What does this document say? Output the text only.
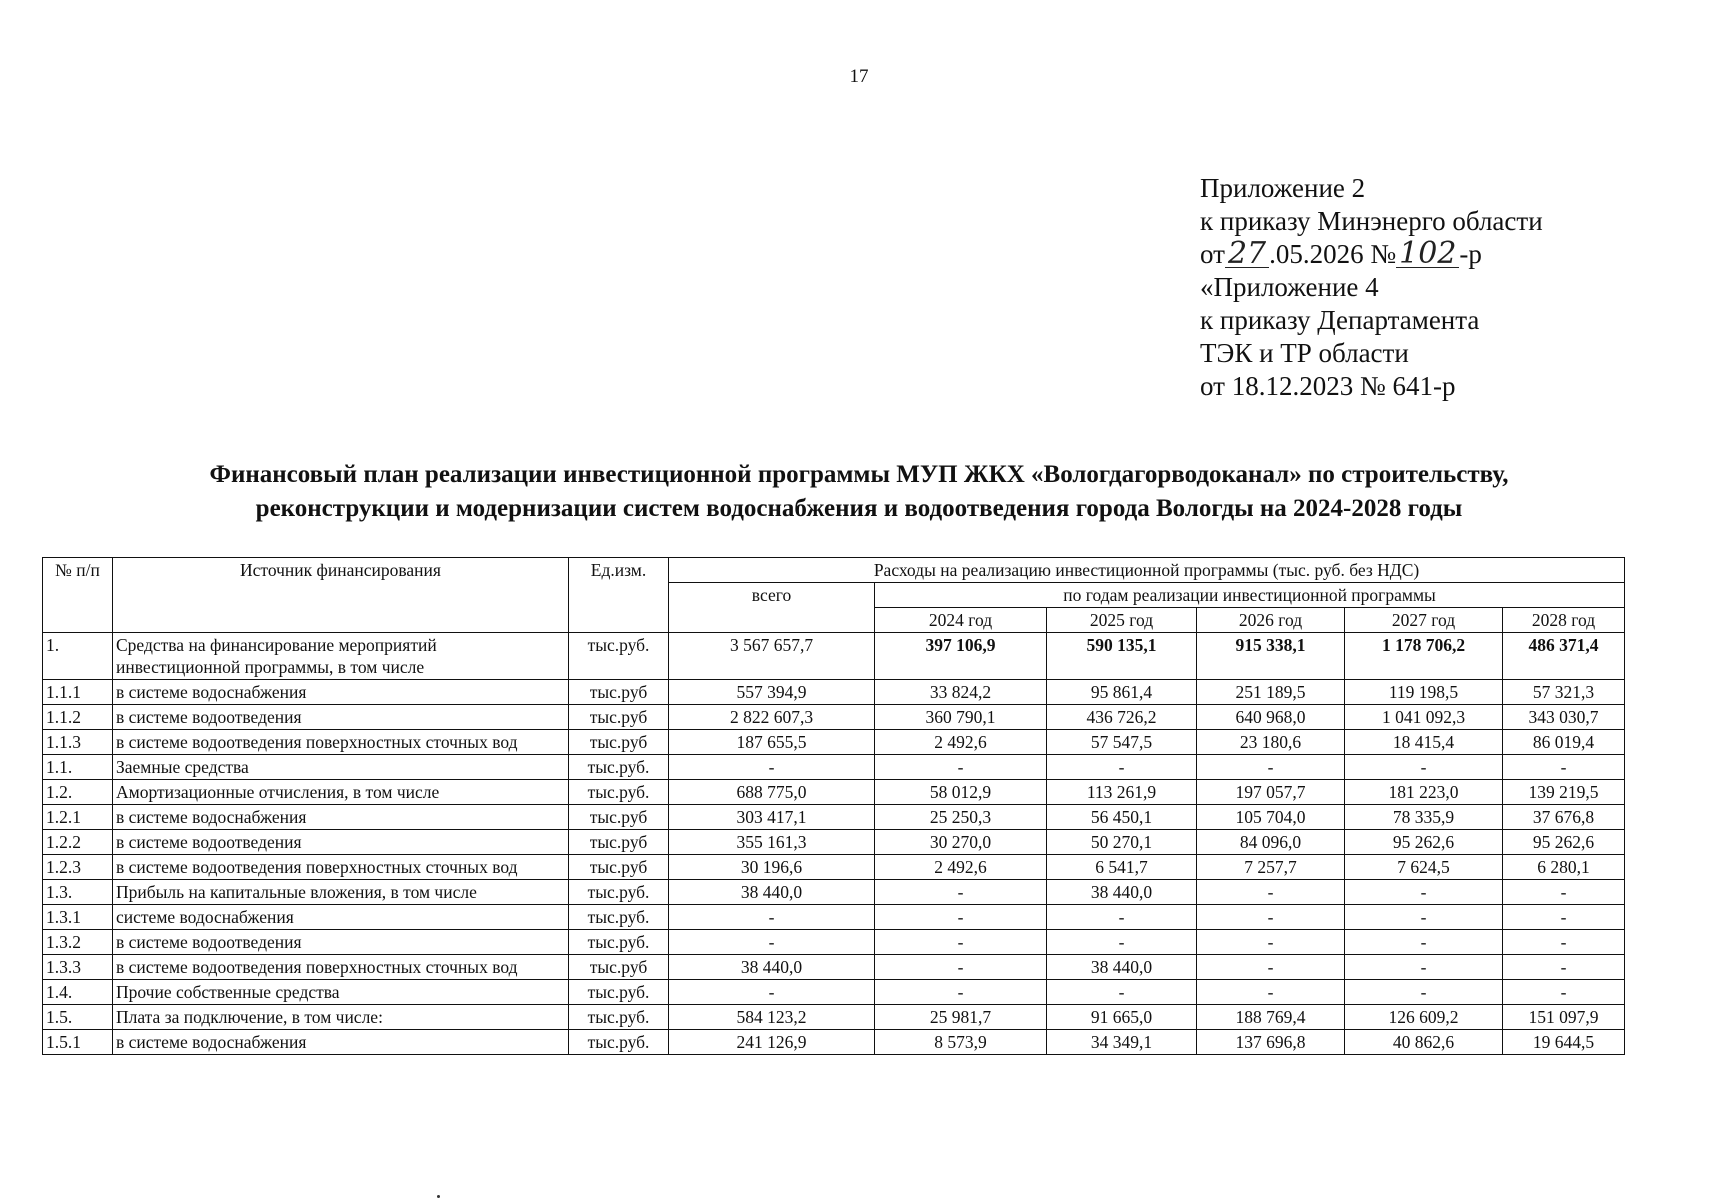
17
Приложение 2
к приказу Минэнерго области
от 27 .05.2026 № 102 -р
«Приложение 4
к приказу Департамента
ТЭК и ТР области
от 18.12.2023 № 641-р
Финансовый план реализации инвестиционной программы МУП ЖКХ «Вологдагорводоканал» по строительству,
реконструкции и модернизации систем водоснабжения и водоотведения города Вологды на 2024-2028 годы
№ п/п	Источник финансирования	Ед.изм.	Расходы на реализацию инвестиционной программы (тыс. руб. без НДС)					
			всего	по годам реализации инвестиционной программы				
				2024 год	2025 год	2026 год	2027 год	2028 год
1.	Средства на финансирование мероприятий инвестиционной программы, в том числе	тыс.руб.	3 567 657,7	397 106,9	590 135,1	915 338,1	1 178 706,2	486 371,4
1.1.1	в системе водоснабжения	тыс.руб	557 394,9	33 824,2	95 861,4	251 189,5	119 198,5	57 321,3
1.1.2	в системе водоотведения	тыс.руб	2 822 607,3	360 790,1	436 726,2	640 968,0	1 041 092,3	343 030,7
1.1.3	в системе водоотведения поверхностных сточных вод	тыс.руб	187 655,5	2 492,6	57 547,5	23 180,6	18 415,4	86 019,4
1.1.	Заемные средства	тыс.руб.	-	-	-	-	-	-
1.2.	Амортизационные отчисления, в том числе	тыс.руб.	688 775,0	58 012,9	113 261,9	197 057,7	181 223,0	139 219,5
1.2.1	в системе водоснабжения	тыс.руб	303 417,1	25 250,3	56 450,1	105 704,0	78 335,9	37 676,8
1.2.2	в системе водоотведения	тыс.руб	355 161,3	30 270,0	50 270,1	84 096,0	95 262,6	95 262,6
1.2.3	в системе водоотведения поверхностных сточных вод	тыс.руб	30 196,6	2 492,6	6 541,7	7 257,7	7 624,5	6 280,1
1.3.	Прибыль на капитальные вложения, в том числе	тыс.руб.	38 440,0	-	38 440,0	-	-	-
1.3.1	системе водоснабжения	тыс.руб.	-	-	-	-	-	-
1.3.2	в системе водоотведения	тыс.руб.	-	-	-	-	-	-
1.3.3	в системе водоотведения поверхностных сточных вод	тыс.руб	38 440,0	-	38 440,0	-	-	-
1.4.	Прочие собственные средства	тыс.руб.	-	-	-	-	-	-
1.5.	Плата за подключение, в том числе:	тыс.руб.	584 123,2	25 981,7	91 665,0	188 769,4	126 609,2	151 097,9
1.5.1	в системе водоснабжения	тыс.руб.	241 126,9	8 573,9	34 349,1	137 696,8	40 862,6	19 644,5
